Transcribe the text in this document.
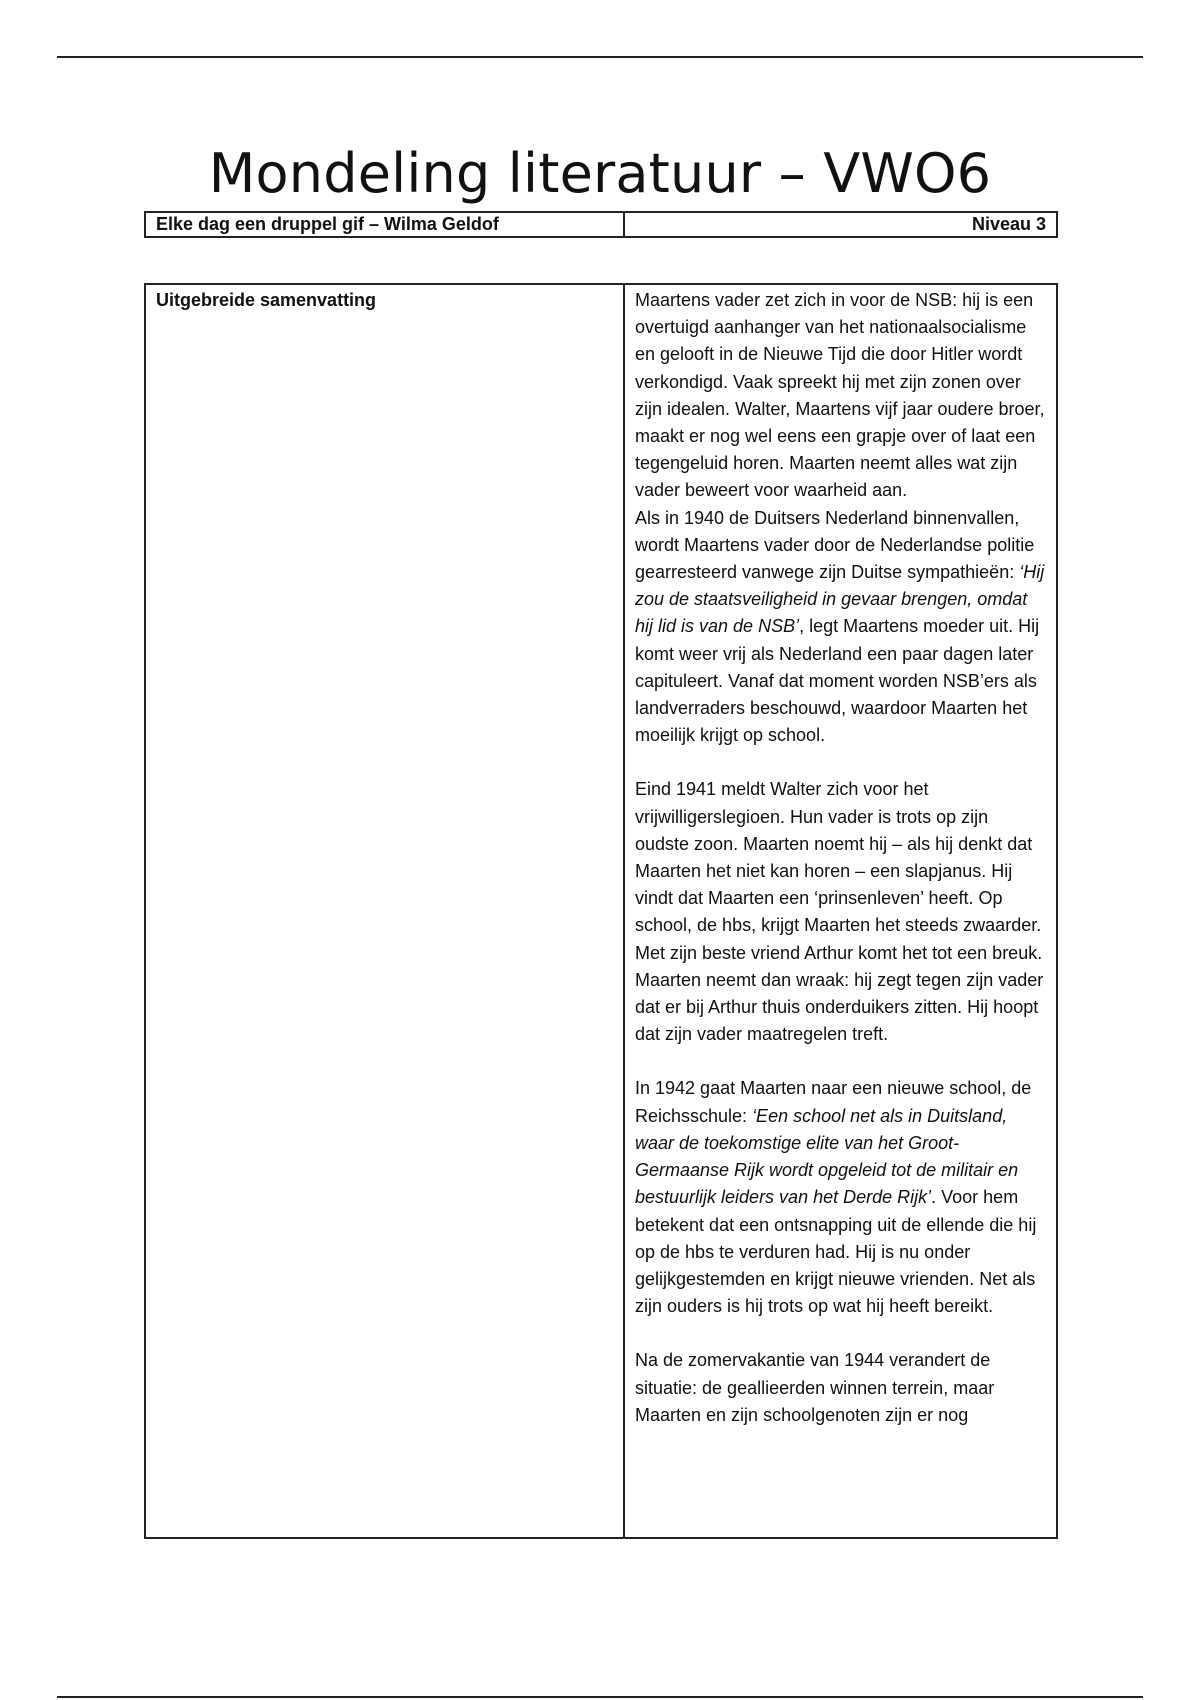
Mondeling literatuur – VWO6
Elke dag een druppel gif – Wilma Geldof	Niveau 3
Uitgebreide samenvatting	Maartens vader zet zich in voor de NSB: hij is een overtuigd aanhanger van het nationaalsocialisme en gelooft in de Nieuwe Tijd die door Hitler wordt verkondigd. Vaak spreekt hij met zijn zonen over zijn idealen. Walter, Maartens vijf jaar oudere broer, maakt er nog wel eens een grapje over of laat een tegengeluid horen. Maarten neemt alles wat zijn vader beweert voor waarheid aan.

Als in 1940 de Duitsers Nederland binnenvallen, wordt Maartens vader door de Nederlandse politie gearresteerd vanwege zijn Duitse sympathieën: ‘Hij zou de staatsveiligheid in gevaar brengen, omdat hij lid is van de NSB’, legt Maartens moeder uit. Hij komt weer vrij als Nederland een paar dagen later capituleert. Vanaf dat moment worden NSB’ers als landverraders beschouwd, waardoor Maarten het moeilijk krijgt op school.

Eind 1941 meldt Walter zich voor het vrijwilligerslegioen. Hun vader is trots op zijn oudste zoon. Maarten noemt hij – als hij denkt dat Maarten het niet kan horen – een slapjanus. Hij vindt dat Maarten een ‘prinsenleven’ heeft. Op school, de hbs, krijgt Maarten het steeds zwaarder. Met zijn beste vriend Arthur komt het tot een breuk. Maarten neemt dan wraak: hij zegt tegen zijn vader dat er bij Arthur thuis onderduikers zitten. Hij hoopt dat zijn vader maatregelen treft.

In 1942 gaat Maarten naar een nieuwe school, de Reichsschule: ‘Een school net als in Duitsland, waar de toekomstige elite van het Groot-Germaanse Rijk wordt opgeleid tot de militair en bestuurlijk leiders van het Derde Rijk’. Voor hem betekent dat een ontsnapping uit de ellende die hij op de hbs te verduren had. Hij is nu onder gelijkgestemden en krijgt nieuwe vrienden. Net als zijn ouders is hij trots op wat hij heeft bereikt.

Na de zomervakantie van 1944 verandert de situatie: de geallieerden winnen terrein, maar Maarten en zijn schoolgenoten zijn er nog
